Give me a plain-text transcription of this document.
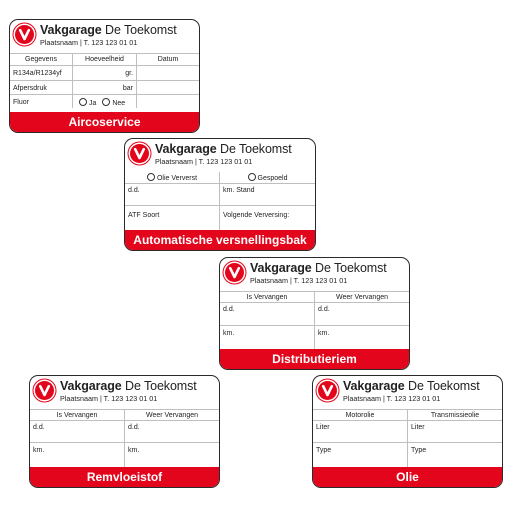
Vakgarage De Toekomst
Plaatsnaam | T. 123 123 01 01
Gegevens	Hoeveelheid	Datum
R134a/R1234yf	gr.
Afpersdruk	bar
Fluor	Ja Nee
Aircoservice
Vakgarage De Toekomst
Plaatsnaam | T. 123 123 01 01
Olie Ververst	Gespoeld
d.d.	km. Stand
ATF Soort	Volgende Verversing:
Automatische versnellingsbak
Vakgarage De Toekomst
Plaatsnaam | T. 123 123 01 01
Is Vervangen	Weer Vervangen
d.d.	d.d.
km.	km.
Distributieriem
Vakgarage De Toekomst
Plaatsnaam | T. 123 123 01 01
Is Vervangen	Weer Vervangen
d.d.	d.d.
km.	km.
Remvloeistof
Vakgarage De Toekomst
Plaatsnaam | T. 123 123 01 01
Motorolie	Transmissieolie
Liter	Liter
Type	Type
Olie
